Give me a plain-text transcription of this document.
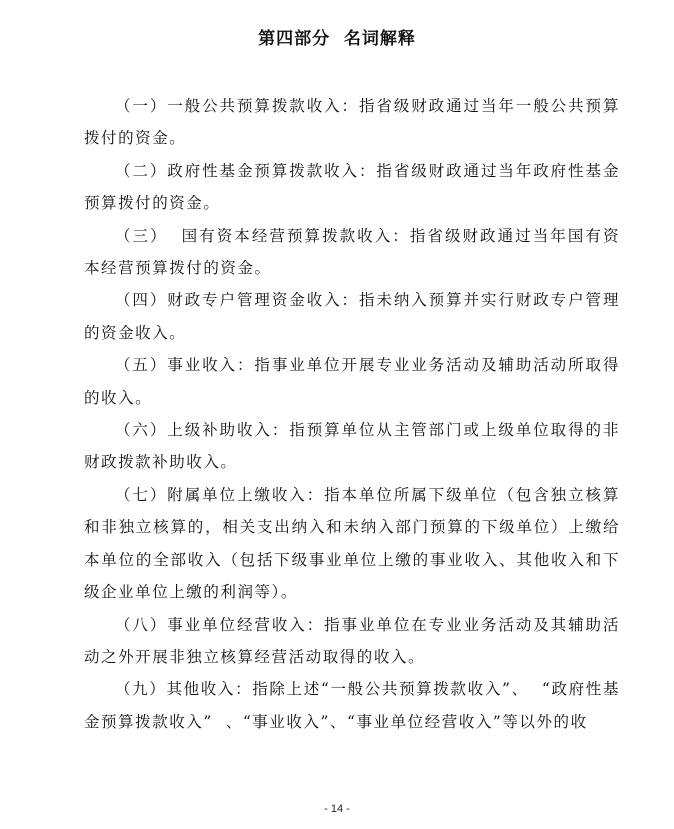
第四部分  名词解释

（一）一般公共预算拨款收入：指省级财政通过当年一般公共预算拨付的资金。

（二）政府性基金预算拨款收入：指省级财政通过当年政府性基金预算拨付的资金。

（三）  国有资本经营预算拨款收入：指省级财政通过当年国有资本经营预算拨付的资金。

（四）财政专户管理资金收入：指未纳入预算并实行财政专户管理的资金收入。

（五）事业收入：指事业单位开展专业业务活动及辅助活动所取得的收入。

（六）上级补助收入：指预算单位从主管部门或上级单位取得的非财政拨款补助收入。

（七）附属单位上缴收入：指本单位所属下级单位（包含独立核算和非独立核算的，相关支出纳入和未纳入部门预算的下级单位）上缴给本单位的全部收入（包括下级事业单位上缴的事业收入、其他收入和下级企业单位上缴的利润等）。

（八）事业单位经营收入：指事业单位在专业业务活动及其辅助活动之外开展非独立核算经营活动取得的收入。

（九）其他收入：指除上述“一般公共预算拨款收入”、  “政府性基金预算拨款收入”  、“事业收入”、“事业单位经营收入”等以外的收

- 14 -
